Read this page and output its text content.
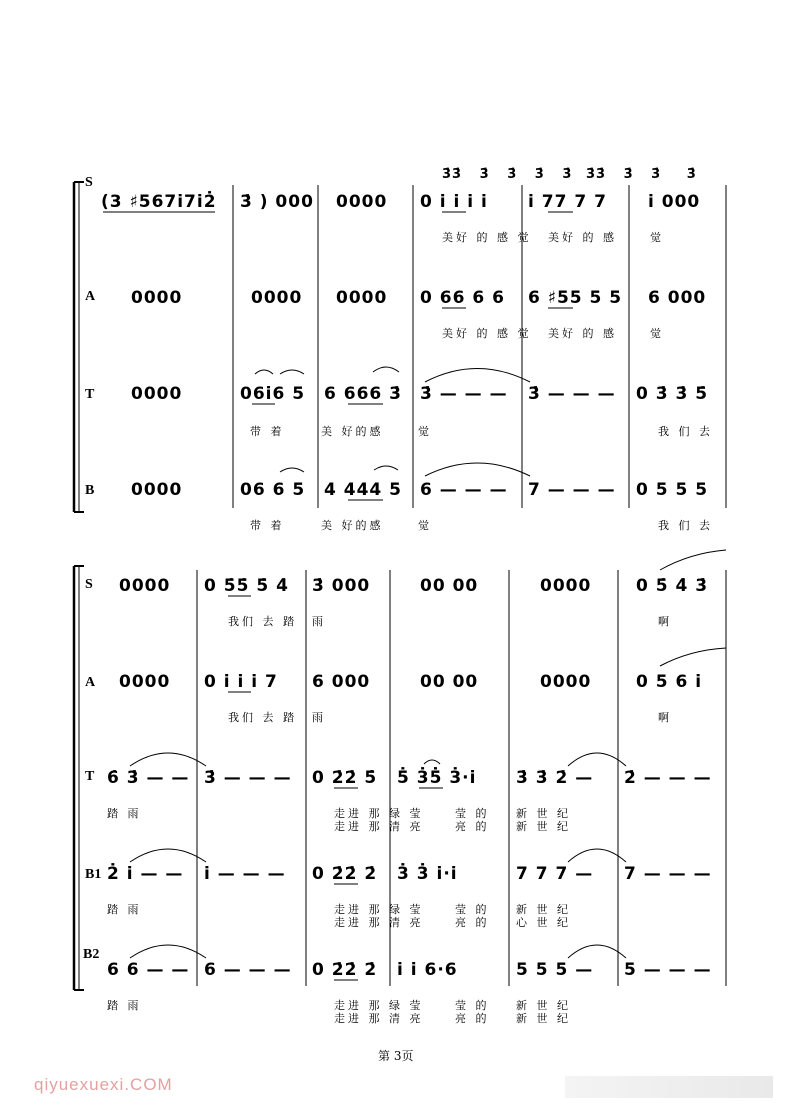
S
A
T
B
3̇3̇ 3̇ 3̇ 3̇ 3̇ 3̇3̇ 3̇ 3̇ 3̇
(3 ♯567i7i2̇ 3̇ ) 000 0000 0 i i i i i 77 7 7 i 000
美好 的 感 觉 美好 的 感	觉
0000	0000 0000 0 66 6 6 6 ♯55 5 5 6 000
美好 的 感 觉 美好 的 感	觉
0000	06i6 5 6 666 3̇ 3̇ — — — 3̇ — — — 0 3̇ 3̇ 5̇
带 着	美 好的感	觉	我 们 去
0000	06 6 5 4 444 5 6 — — — 7 — — — 0 5 5 5
带 着	美 好的感	觉	我 们 去
S
A
T
B1
B2
0000 0 5̇5̇ 5̇ 4̇ 3̇ 000	00 00	0000	0 5̇ 4̇ 3̇
我们 去 踏 雨	啊
0000 0 i i i 7 6 000	00 00	0000	0 5 6 i
我们 去 踏 雨	啊
6̇ 3̇ — — 3̇ — — — 0 2̇2̇ 5̇ 5̇ 3̇5̇ 3̇·i 3̇ 3̇ 2̇ — 2̇ — — —
踏 雨	走进 那 绿 莹
走进 那 清 亮
莹 的
亮 的
新 世 纪
新 世 纪
2̇ i — — i — — — 0 2̇2̇ 2̇ 3̇ 3̇ i·i	7 7 7 — 7 — — —
踏 雨	走进 那 绿 莹
走进 那 清 亮
莹 的
亮 的
新 世 纪
心 世 纪
6 6 — — 6 — — — 0 2̇2̇ 2̇ i i 6·6	5 5 5 — 5 — — —
踏 雨	走进 那 绿 莹
走进 那 清 亮
莹 的
亮 的
新 世 纪
新 世 纪
第 3页
qiyuexuexi.COM
